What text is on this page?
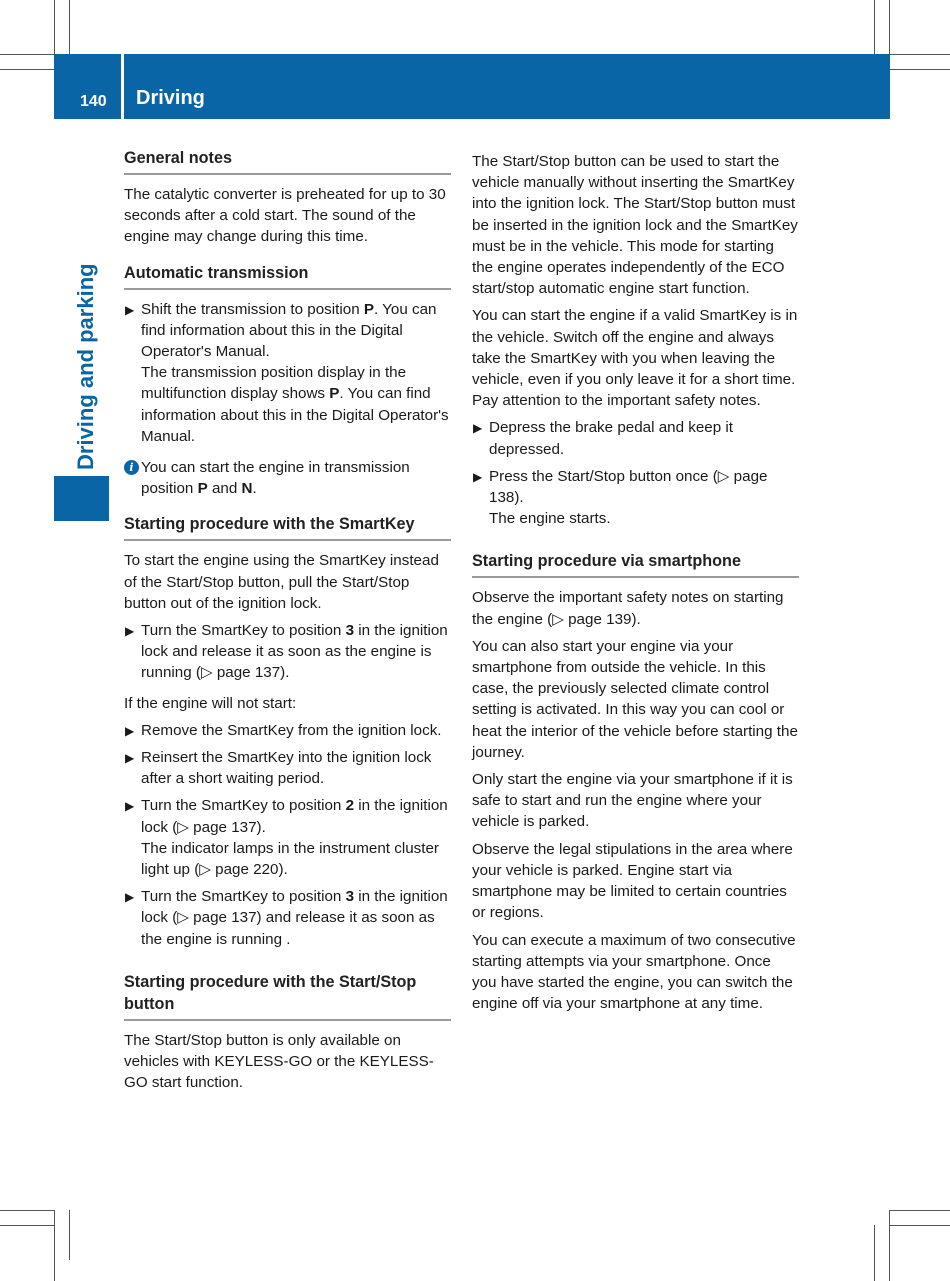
140 Driving
Driving and parking
General notes

The catalytic converter is preheated for up to 30 seconds after a cold start. The sound of the engine may change during this time.

Automatic transmission
▶ Shift the transmission to position P. You can find information about this in the Digital Operator's Manual.
The transmission position display in the multifunction display shows P. You can find information about this in the Digital Operator's Manual.
i You can start the engine in transmission position P and N.
Starting procedure with the SmartKey

To start the engine using the SmartKey instead of the Start/Stop button, pull the Start/Stop button out of the ignition lock.

▶ Turn the SmartKey to position 3 in the ignition lock and release it as soon as the engine is running (▷ page 137).

If the engine will not start:

▶ Remove the SmartKey from the ignition lock.
▶ Reinsert the SmartKey into the ignition lock after a short waiting period.
▶ Turn the SmartKey to position 2 in the ignition lock (▷ page 137).
The indicator lamps in the instrument cluster light up (▷ page 220).
▶ Turn the SmartKey to position 3 in the ignition lock (▷ page 137) and release it as soon as the engine is running .
Starting procedure with the Start/Stop button

The Start/Stop button is only available on vehicles with KEYLESS-GO or the KEYLESS-GO start function.

The Start/Stop button can be used to start the vehicle manually without inserting the SmartKey into the ignition lock. The Start/Stop button must be inserted in the ignition lock and the SmartKey must be in the vehicle. This mode for starting the engine operates independently of the ECO start/stop automatic engine start function.

You can start the engine if a valid SmartKey is in the vehicle. Switch off the engine and always take the SmartKey with you when leaving the vehicle, even if you only leave it for a short time. Pay attention to the important safety notes.

▶ Depress the brake pedal and keep it depressed.
▶ Press the Start/Stop button once (▷ page 138).
The engine starts.
Starting procedure via smartphone

Observe the important safety notes on starting the engine (▷ page 139).

You can also start your engine via your smartphone from outside the vehicle. In this case, the previously selected climate control setting is activated. In this way you can cool or heat the interior of the vehicle before starting the journey.

Only start the engine via your smartphone if it is safe to start and run the engine where your vehicle is parked.

Observe the legal stipulations in the area where your vehicle is parked. Engine start via smartphone may be limited to certain countries or regions.

You can execute a maximum of two consecutive starting attempts via your smartphone. Once you have started the engine, you can switch the engine off via your smartphone at any time.
